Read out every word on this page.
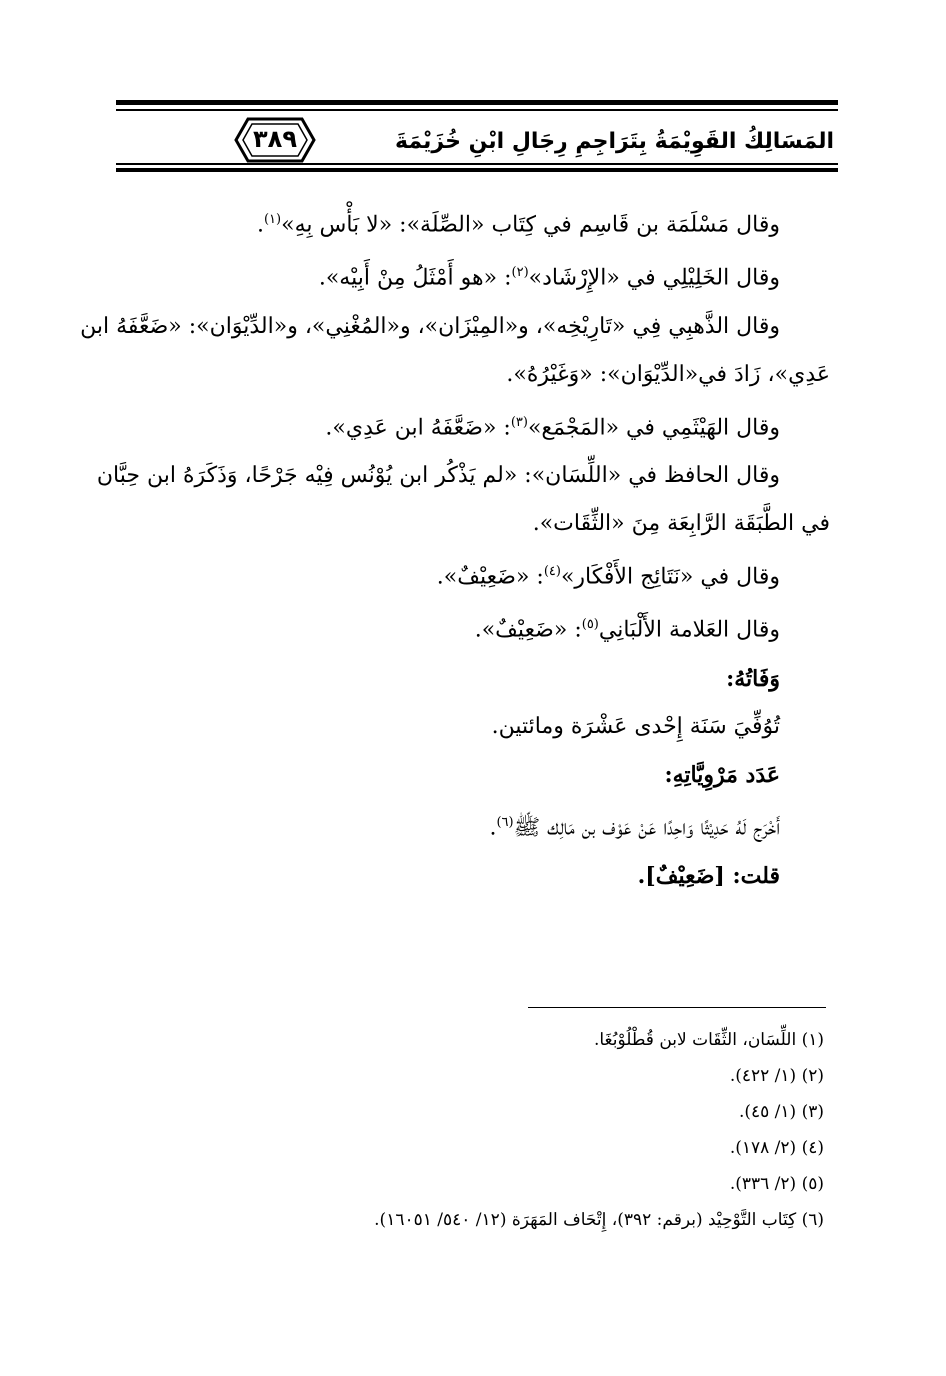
٣٨٩	المَسَالِكُ القَوِيْمَةُ بِتَرَاجِمِ رِجَالِ ابْنِ خُزَيْمَةَ
وقال مَسْلَمَة بن قَاسِم في كِتَاب «الصِّلَة»: «لا بَأْس بِهِ»$^{(١)}$.
وقال الخَلِيْلِي في «الإِرْشَاد»$^{(٢)}$: «هو أَمْثَلُ مِنْ أَبِيْه».
وقال الذَّهبِي فِي «تَارِيْخِه»، و«المِيْزَان»، و«المُغْنِي»، و«الدِّيْوَان»: «ضَعَّفَهُ ابن
عَدِي»، زَادَ في«الدِّيْوَان»: «وَغَيْرُهُ».
وقال الهَيْثَمِي في «المَجْمَع»$^{(٣)}$: «ضَعَّفَهُ ابن عَدِي».
وقال الحافظ في «اللِّسَان»: «لم يَذْكُر ابن يُوْنُس فِيْه جَرْحًا، وَذَكَرَهُ ابن حِبَّان
في الطَّبَقَة الرَّابِعَة مِنَ «الثِّقَات».
وقال في «نَتَائِج الأَفْكَار»$^{(٤)}$: «ضَعِيْفٌ».
وقال العَلامة الأَلْبَانِي$^{(٥)}$: «ضَعِيْفٌ».
وَفَاتُهُ:
تُوُفِّيَ سَنَة إِحْدى عَشْرَة ومائتين.
عَدَد مَرْوِيَّاتِهِ:
أَخْرَج لَهُ حَدِيْثًا وَاحِدًا عَنْ عَوْف بن مَالِك ﷺ$^{(٦)}$.
قلت: [ضَعِيْفٌ].
(١) اللِّسَان، الثِّقَات لابن قُطْلُوْبُغَا.
(٢) (١/ ٤٢٢).
(٣) (١/ ٤٥).
(٤) (٢/ ١٧٨).
(٥) (٢/ ٣٣٦).
(٦) كِتَاب التَّوْحِيْد (برقم: ٣٩٢)، إِتْحَاف المَهَرَة (١٢/ ٥٤٠/ ١٦٠٥١).
